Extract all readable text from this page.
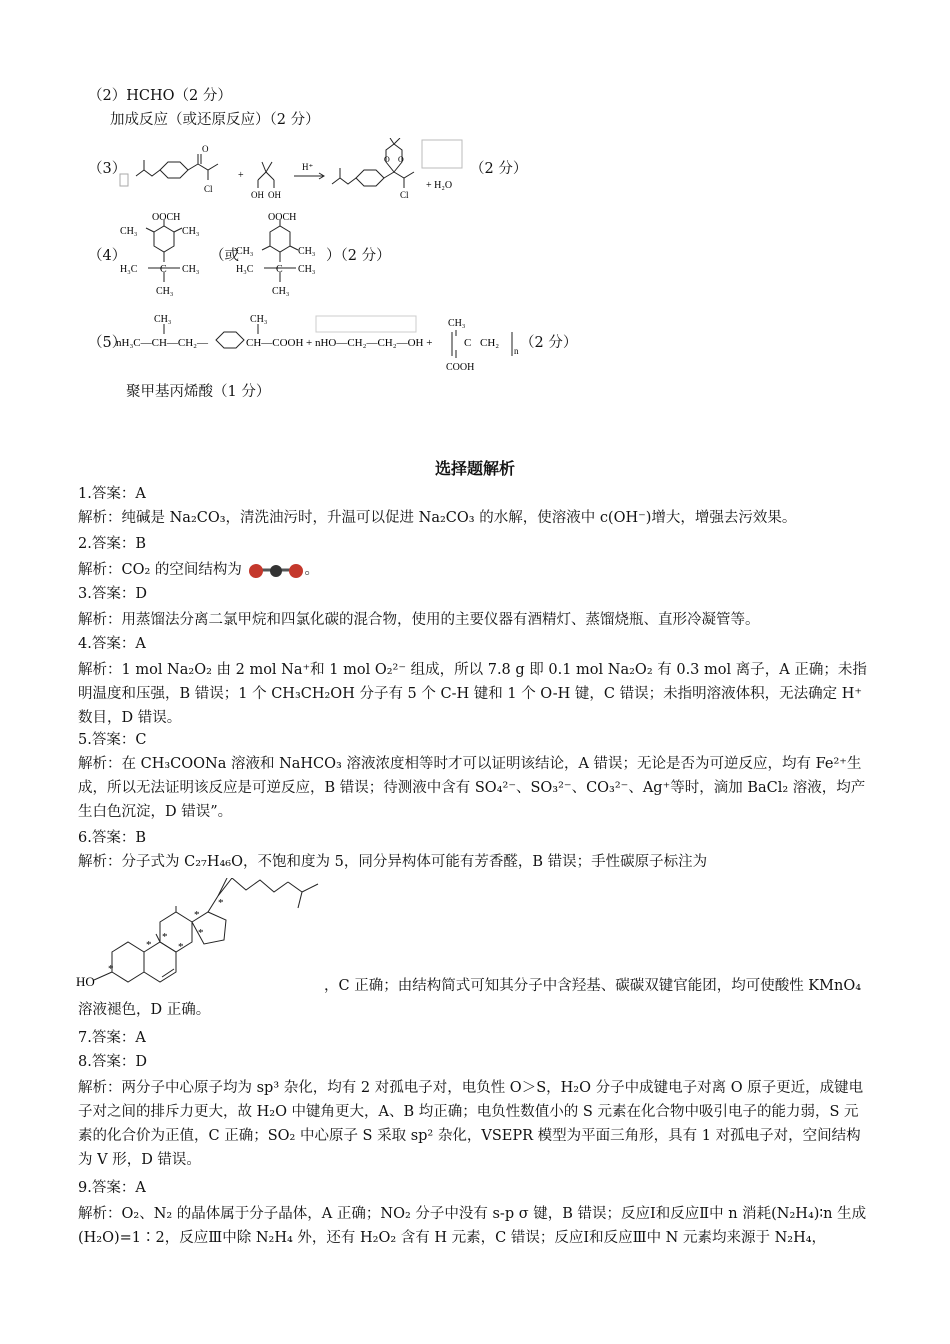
（2）HCHO（2 分）
加成反应（或还原反应）（2 分）
（3）
O
Cl
+
OH OH
H⁺
O O
Cl
+ H₂O
（2 分）
（4）
OOCH
CH₃	CH₃
H₃C C CH₃
CH₃
（或
OOCH
CH₃	CH₃
H₃C C CH₃
CH₃
）（2 分）
（5）
nH₃C—CH—CH₂—
CH₃
CH—COOH
CH₃
+ nHO—CH₂—CH₂—OH +	C
CH₃
CH₂
n
COOH
（2 分）
聚甲基丙烯酸（1 分）
选择题解析
1.答案：A
解析：纯碱是 Na₂CO₃，清洗油污时，升温可以促进 Na₂CO₃ 的水解，使溶液中 c(OH⁻)增大，增强去污效果。
2.答案：B
解析：CO₂ 的空间结构为	。
3.答案：D
解析：用蒸馏法分离二氯甲烷和四氯化碳的混合物，使用的主要仪器有酒精灯、蒸馏烧瓶、直形冷凝管等。
4.答案：A
解析：1 mol Na₂O₂ 由 2 mol Na⁺和 1 mol O₂²⁻ 组成，所以 7.8 g 即 0.1 mol Na₂O₂ 有 0.3 mol 离子，A 正确；未指明温度和压强，B 错误；1 个 CH₃CH₂OH 分子有 5 个 C-H 键和 1 个 O-H 键，C 错误；未指明溶液体积，无法确定 H⁺数目，D 错误。
5.答案：C
解析：在 CH₃COONa 溶液和 NaHCO₃ 溶液浓度相等时才可以证明该结论，A 错误；无论是否为可逆反应，均有 Fe²⁺生成，所以无法证明该反应是可逆反应，B 错误；待测液中含有 SO₄²⁻、SO₃²⁻、CO₃²⁻、Ag⁺等时，滴加 BaCl₂ 溶液，均产生白色沉淀，D 错误”。
6.答案：B
解析：分子式为 C₂₇H₄₆O，不饱和度为 5，同分异构体可能有芳香醛，B 错误；手性碳原子标注为
HO
*
*
*
*
*
*
*
，C 正确；由结构简式可知其分子中含羟基、碳碳双键官能团，均可使酸性 KMnO₄ 溶液褪色，D 正确。
7.答案：A
8.答案：D
解析：两分子中心原子均为 sp³ 杂化，均有 2 对孤电子对，电负性 O＞S，H₂O 分子中成键电子对离 O 原子更近，成键电子对之间的排斥力更大，故 H₂O 中键角更大，A、B 均正确；电负性数值小的 S 元素在化合物中吸引电子的能力弱，S 元素的化合价为正值，C 正确；SO₂ 中心原子 S 采取 sp² 杂化，VSEPR 模型为平面三角形，具有 1 对孤电子对，空间结构为 V 形，D 错误。
9.答案：A
解析：O₂、N₂ 的晶体属于分子晶体，A 正确；NO₂ 分子中没有 s-p σ 键，B 错误；反应Ⅰ和反应Ⅱ中 n 消耗(N₂H₄)∶n 生成(H₂O)=1∶2，反应Ⅲ中除 N₂H₄ 外，还有 H₂O₂ 含有 H 元素，C 错误；反应Ⅰ和反应Ⅲ中 N 元素均来源于 N₂H₄，
